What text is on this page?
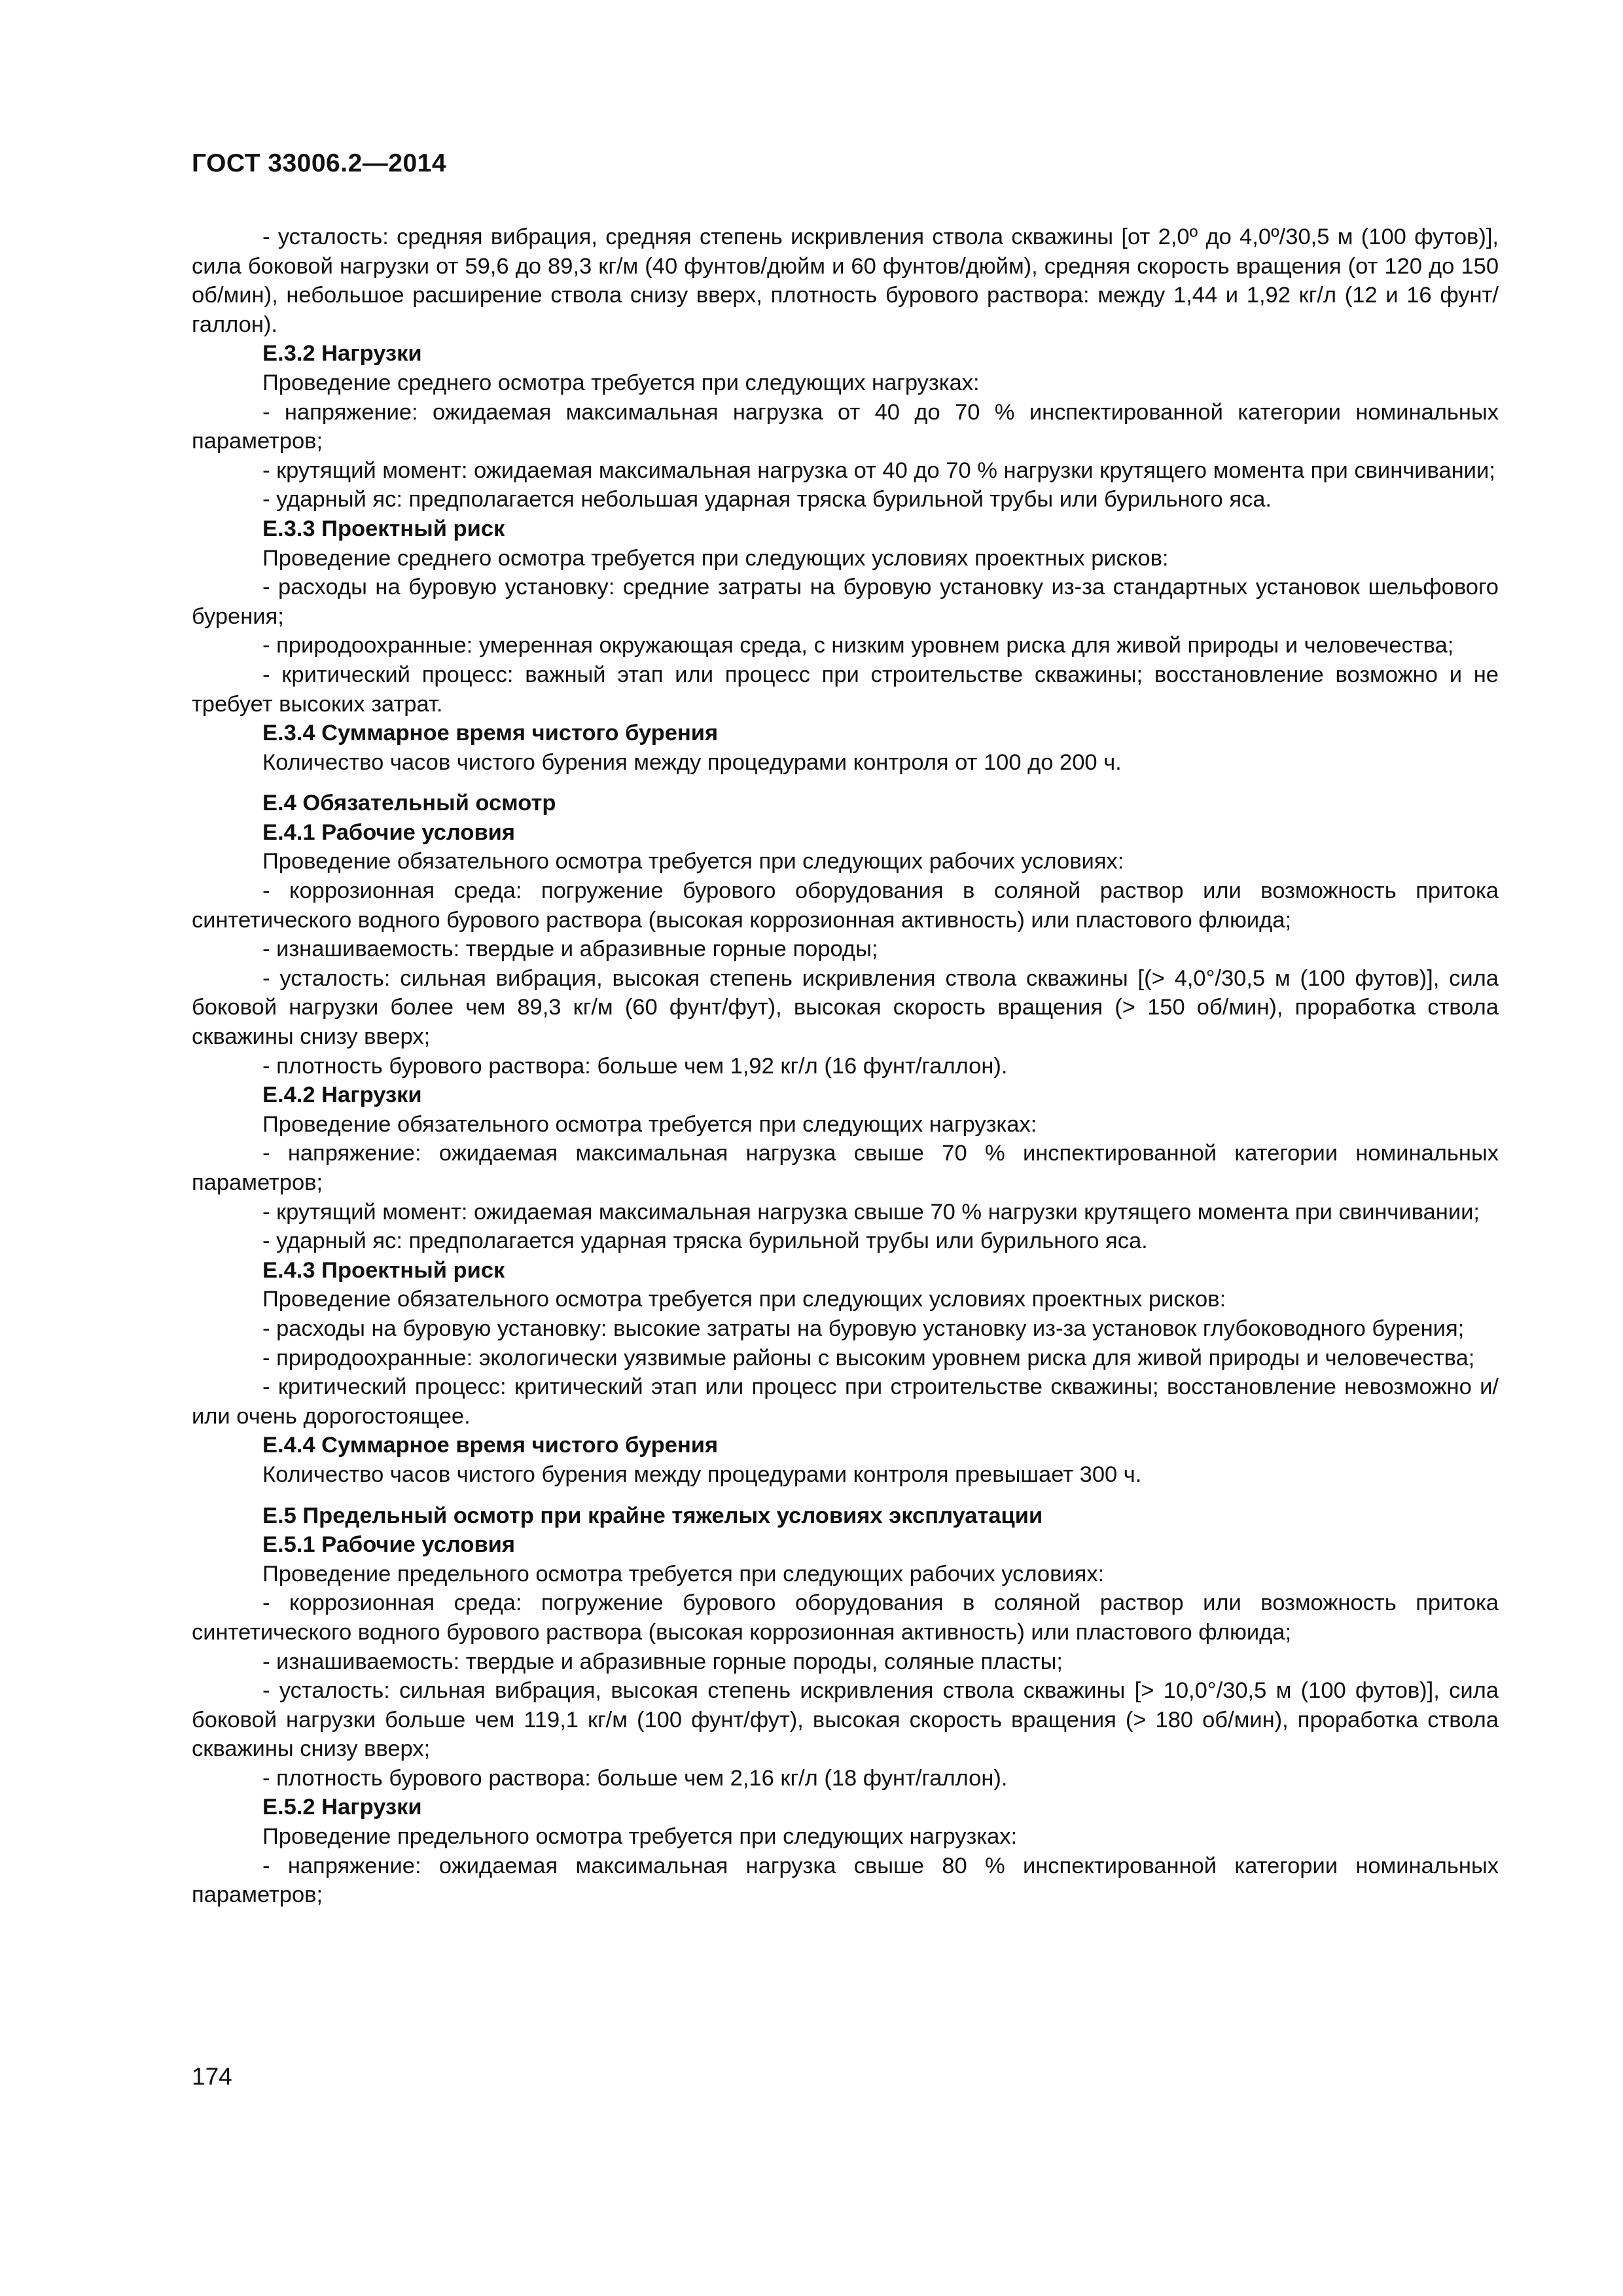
ГОСТ 33006.2—2014

- усталость: средняя вибрация, средняя степень искривления ствола скважины [от 2,0º до 4,0º/30,5 м (100 футов)], сила боковой нагрузки от 59,6 до 89,3 кг/м (40 фунтов/дюйм и 60 фунтов/дюйм), средняя скорость вращения (от 120 до 150 об/мин), небольшое расширение ствола снизу вверх, плотность бурового раствора: между 1,44 и 1,92 кг/л (12 и 16 фунт/галлон).

Е.3.2 Нагрузки

Проведение среднего осмотра требуется при следующих нагрузках:

- напряжение: ожидаемая максимальная нагрузка от 40 до 70 % инспектированной категории номинальных параметров;

- крутящий момент: ожидаемая максимальная нагрузка от 40 до 70 % нагрузки крутящего момента при свинчивании;

- ударный яс: предполагается небольшая ударная тряска бурильной трубы или бурильного яса.

Е.3.3 Проектный риск

Проведение среднего осмотра требуется при следующих условиях проектных рисков:

- расходы на буровую установку: средние затраты на буровую установку из-за стандартных установок шельфового бурения;

- природоохранные: умеренная окружающая среда, с низким уровнем риска для живой природы и человечества;

- критический процесс: важный этап или процесс при строительстве скважины; восстановление возможно и не требует высоких затрат.

Е.3.4 Суммарное время чистого бурения

Количество часов чистого бурения между процедурами контроля от 100 до 200 ч.

Е.4 Обязательный осмотр

Е.4.1 Рабочие условия

Проведение обязательного осмотра требуется при следующих рабочих условиях:

- коррозионная среда: погружение бурового оборудования в соляной раствор или возможность притока синтетического водного бурового раствора (высокая коррозионная активность) или пластового флюида;

- изнашиваемость: твердые и абразивные горные породы;

- усталость: сильная вибрация, высокая степень искривления ствола скважины [(> 4,0°/30,5 м (100 футов)], сила боковой нагрузки более чем 89,3 кг/м (60 фунт/фут), высокая скорость вращения (> 150 об/мин), проработка ствола скважины снизу вверх;

- плотность бурового раствора: больше чем 1,92 кг/л (16 фунт/галлон).

Е.4.2 Нагрузки

Проведение обязательного осмотра требуется при следующих нагрузках:

- напряжение: ожидаемая максимальная нагрузка свыше 70 % инспектированной категории номинальных параметров;

- крутящий момент: ожидаемая максимальная нагрузка свыше 70 % нагрузки крутящего момента при свинчивании;

- ударный яс: предполагается ударная тряска бурильной трубы или бурильного яса.

Е.4.3 Проектный риск

Проведение обязательного осмотра требуется при следующих условиях проектных рисков:

- расходы на буровую установку: высокие затраты на буровую установку из-за установок глубоководного бурения;

- природоохранные: экологически уязвимые районы с высоким уровнем риска для живой природы и человечества;

- критический процесс: критический этап или процесс при строительстве скважины; восстановление невозможно и/или очень дорогостоящее.

Е.4.4 Суммарное время чистого бурения

Количество часов чистого бурения между процедурами контроля превышает 300 ч.

Е.5 Предельный осмотр при крайне тяжелых условиях эксплуатации

Е.5.1 Рабочие условия

Проведение предельного осмотра требуется при следующих рабочих условиях:

- коррозионная среда: погружение бурового оборудования в соляной раствор или возможность притока синтетического водного бурового раствора (высокая коррозионная активность) или пластового флюида;

- изнашиваемость: твердые и абразивные горные породы, соляные пласты;

- усталость: сильная вибрация, высокая степень искривления ствола скважины [> 10,0°/30,5 м (100 футов)], сила боковой нагрузки больше чем 119,1 кг/м (100 фунт/фут), высокая скорость вращения (> 180 об/мин), проработка ствола скважины снизу вверх;

- плотность бурового раствора: больше чем 2,16 кг/л (18 фунт/галлон).

Е.5.2 Нагрузки

Проведение предельного осмотра требуется при следующих нагрузках:

- напряжение: ожидаемая максимальная нагрузка свыше 80 % инспектированной категории номинальных параметров;

174
